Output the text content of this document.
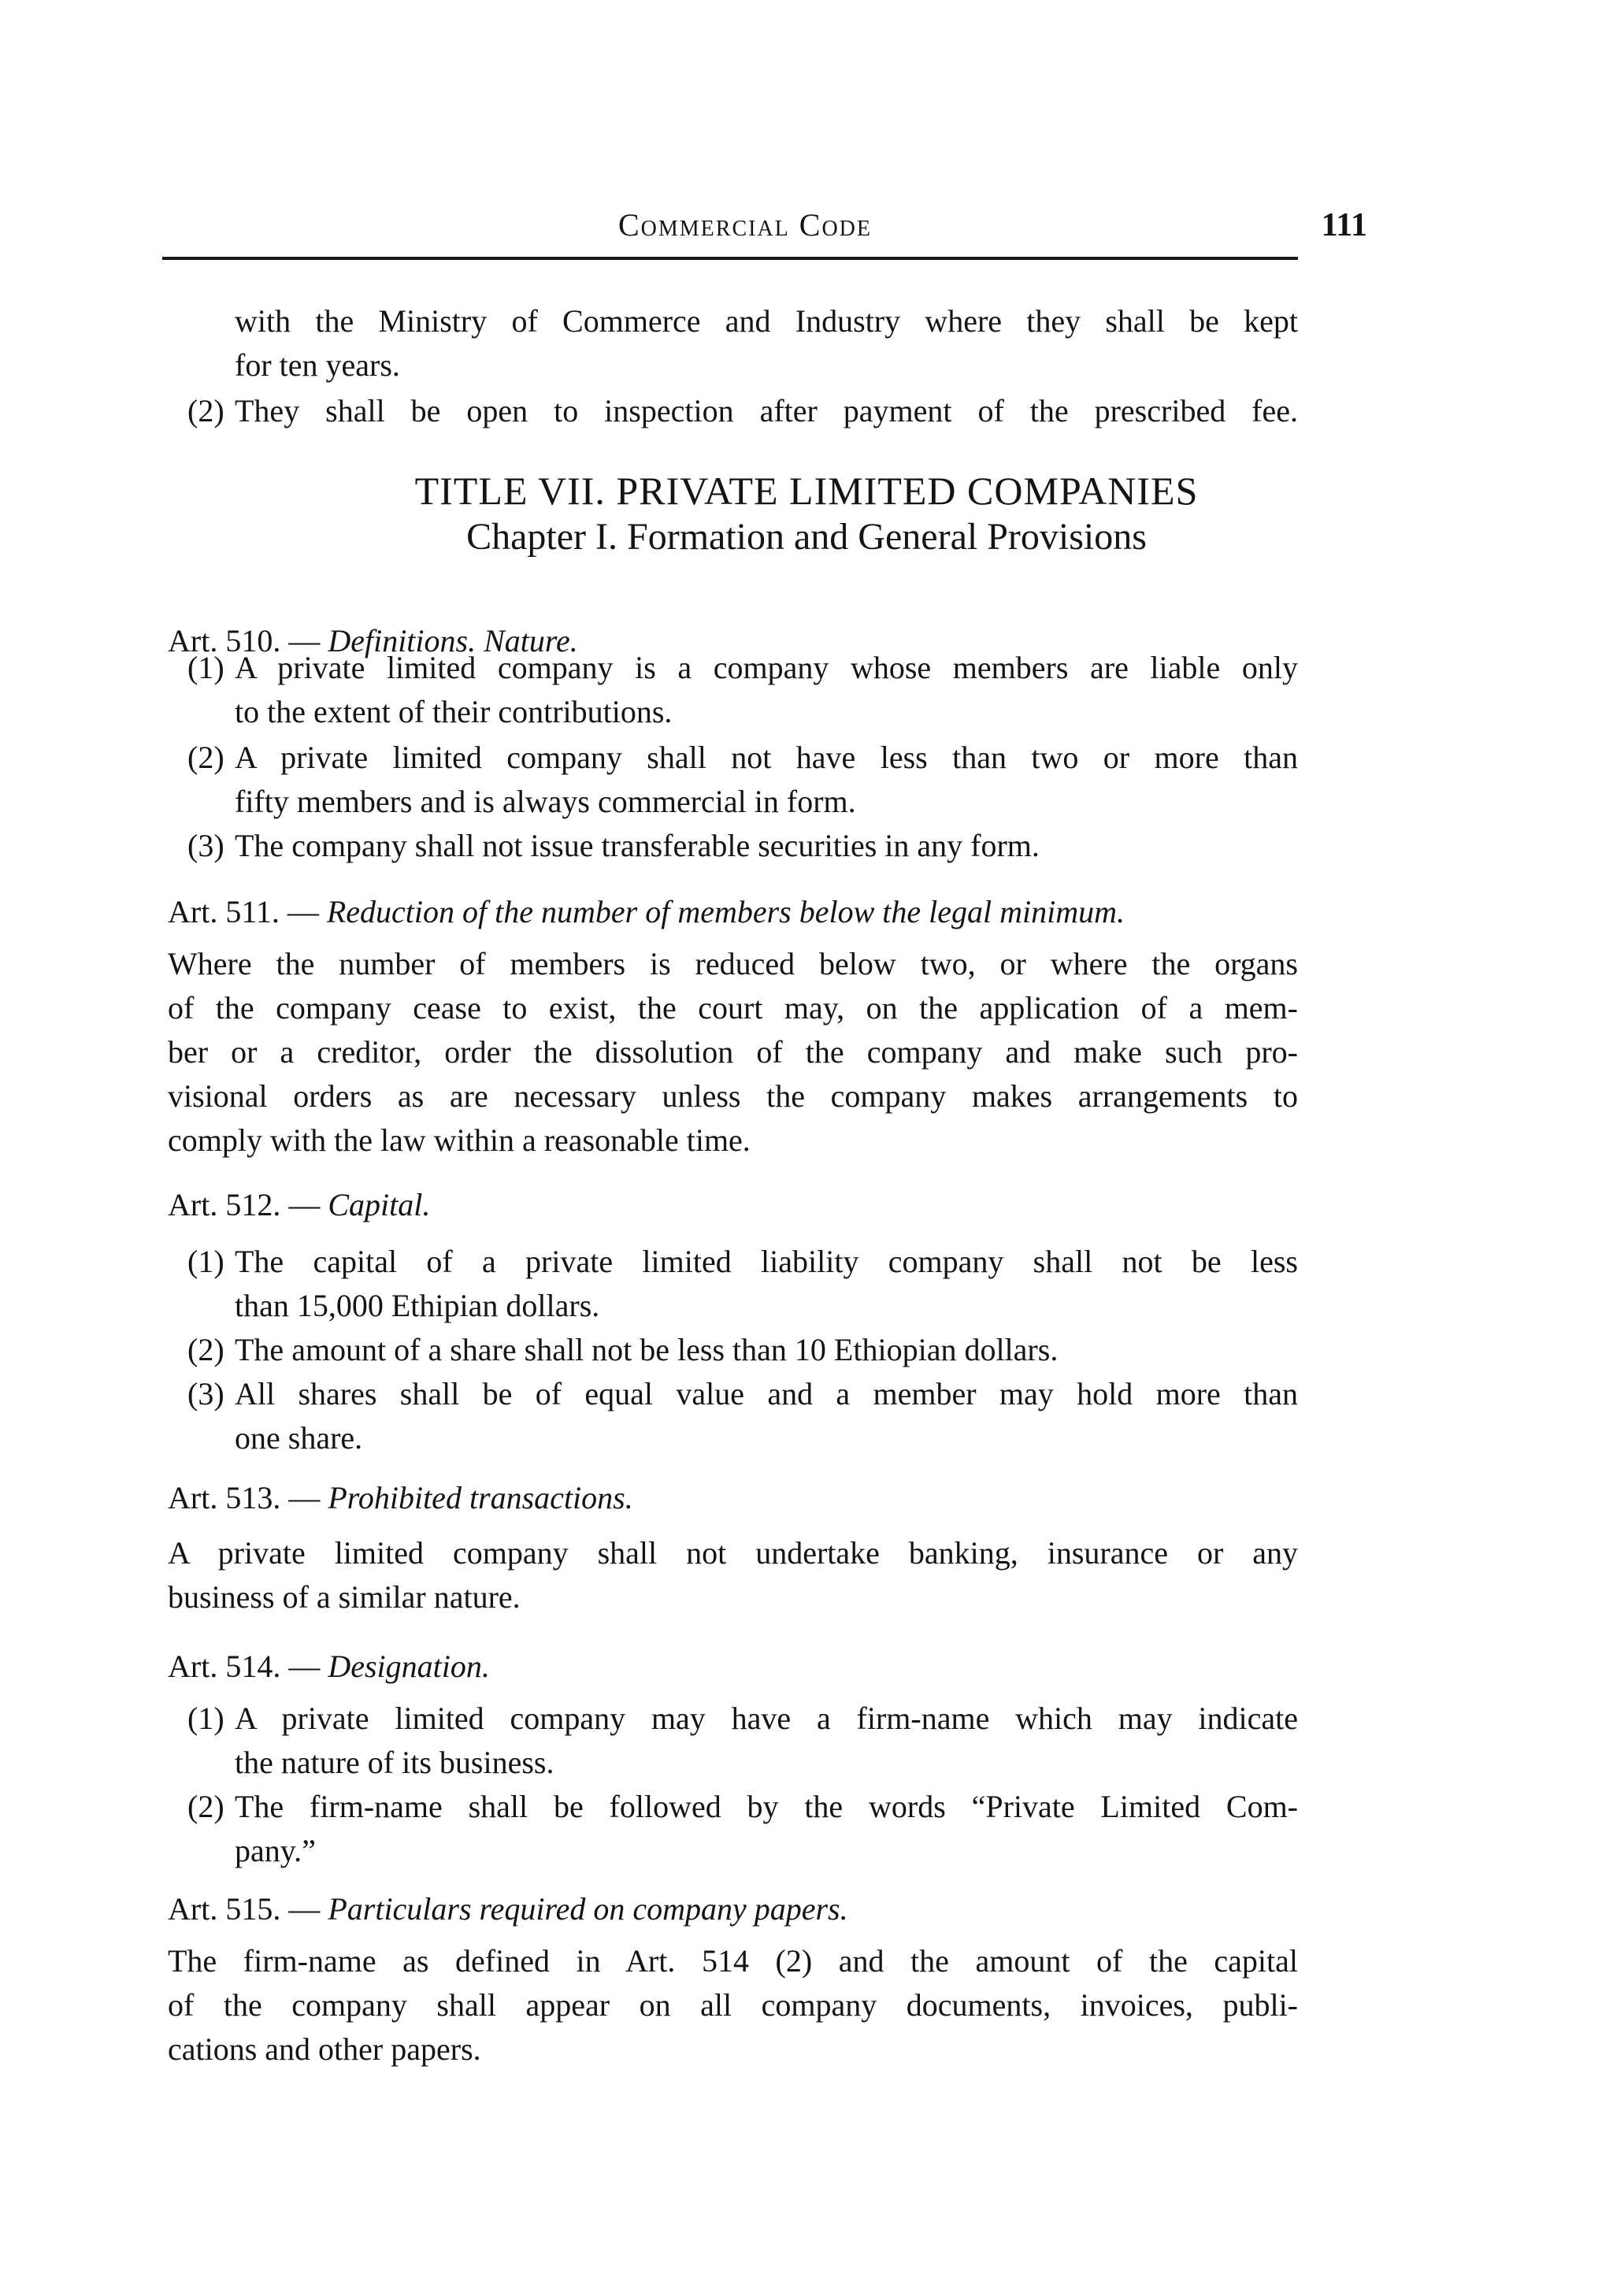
Commercial Code	111
with the Ministry of Commerce and Industry where they shall be kept
for ten years.
(2) They shall be open to inspection after payment of the prescribed fee.
TITLE VII. PRIVATE LIMITED COMPANIES
Chapter I. Formation and General Provisions
Art. 510. — Definitions. Nature.
(1) A private limited company is a company whose members are liable only
to the extent of their contributions.
(2) A private limited company shall not have less than two or more than
fifty members and is always commercial in form.
(3) The company shall not issue transferable securities in any form.
Art. 511. — Reduction of the number of members below the legal minimum.
Where the number of members is reduced below two, or where the organs
of the company cease to exist, the court may, on the application of a mem-
ber or a creditor, order the dissolution of the company and make such pro-
visional orders as are necessary unless the company makes arrangements to
comply with the law within a reasonable time.
Art. 512. — Capital.
(1) The capital of a private limited liability company shall not be less
than 15,000 Ethipian dollars.
(2) The amount of a share shall not be less than 10 Ethiopian dollars.
(3) All shares shall be of equal value and a member may hold more than
one share.
Art. 513. — Prohibited transactions.
A private limited company shall not undertake banking, insurance or any
business of a similar nature.
Art. 514. — Designation.
(1) A private limited company may have a firm-name which may indicate
the nature of its business.
(2) The firm-name shall be followed by the words “Private Limited Com-
pany.”
Art. 515. — Particulars required on company papers.
The firm-name as defined in Art. 514 (2) and the amount of the capital
of the company shall appear on all company documents, invoices, publi-
cations and other papers.
